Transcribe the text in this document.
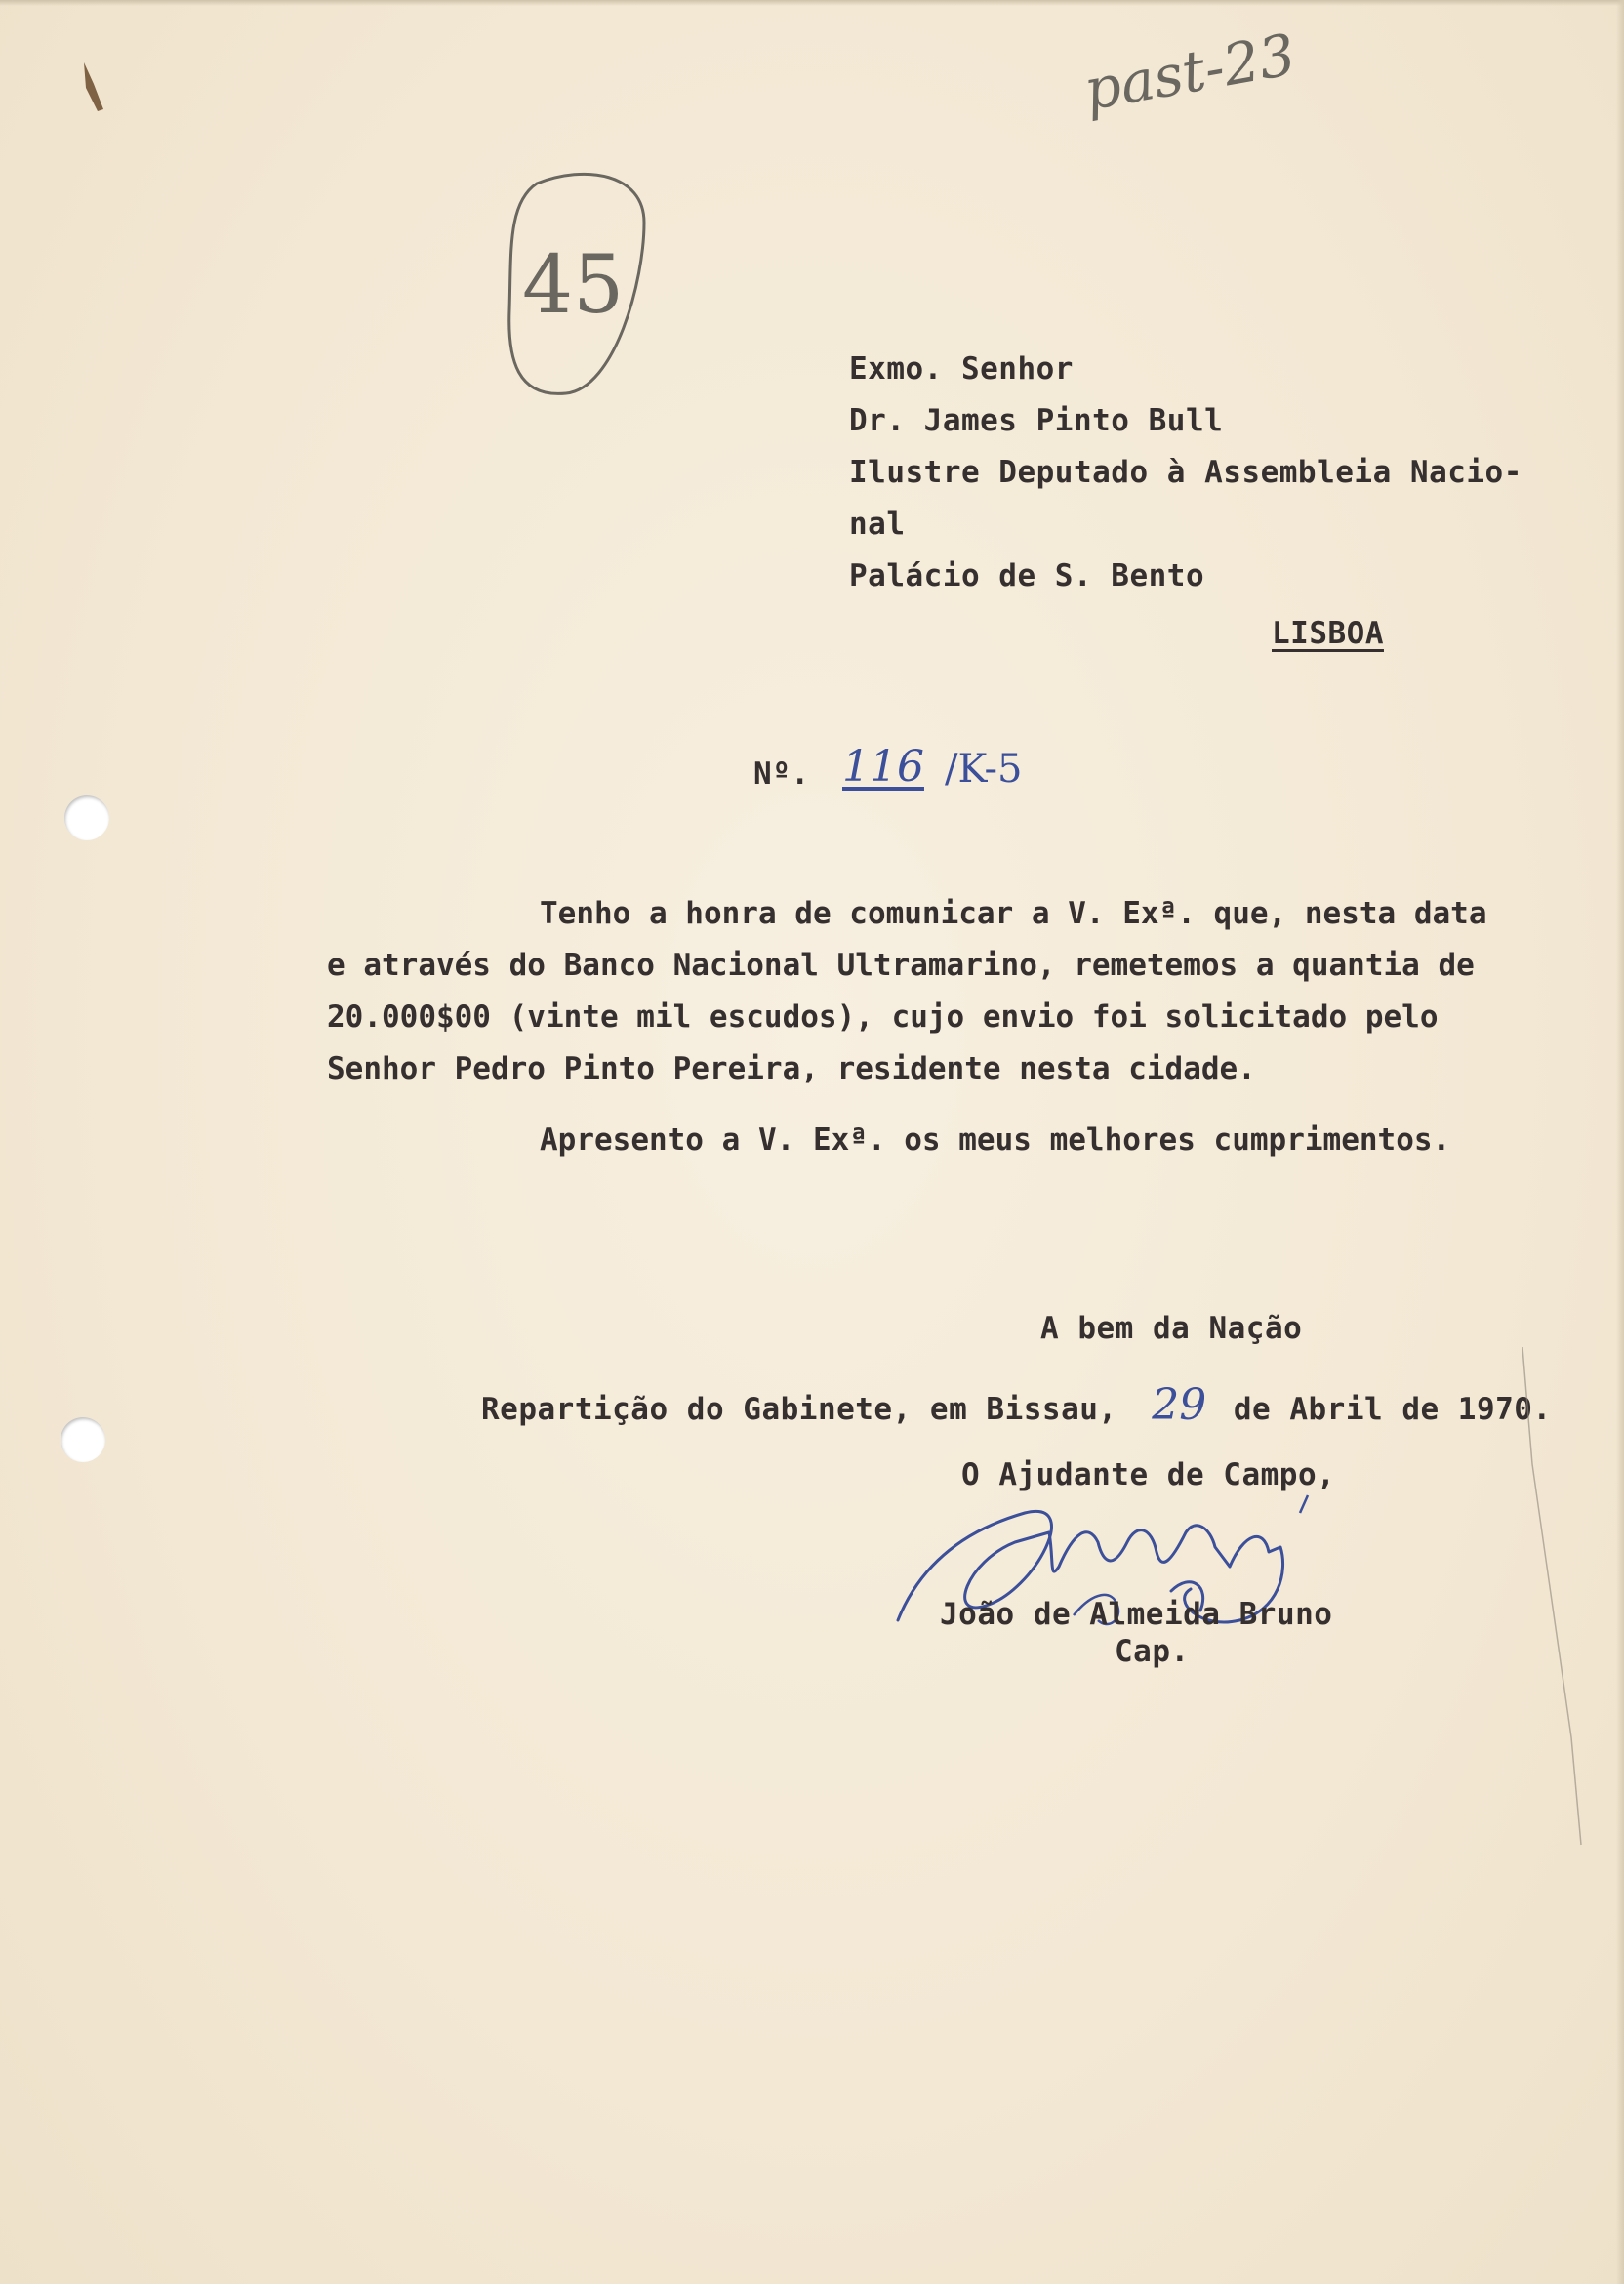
past-23
45

Exmo. Senhor

Dr. James Pinto Bull

Ilustre Deputado à Assembleia Nacio-

nal

Palácio de S. Bento

LISBOA

Nº. 116 /K-5
Tenho a honra de comunicar a V. Exª. que, nesta data
e através do Banco Nacional Ultramarino, remetemos a quantia de
20.000$00 (vinte mil escudos), cujo envio foi solicitado pelo
Senhor Pedro Pinto Pereira, residente nesta cidade.
Apresento a V. Exª. os meus melhores cumprimentos.

A bem da Nação

Repartição do Gabinete, em Bissau, 29 de Abril de 1970.

O Ajudante de Campo,

João de Almeida Bruno

Cap.
